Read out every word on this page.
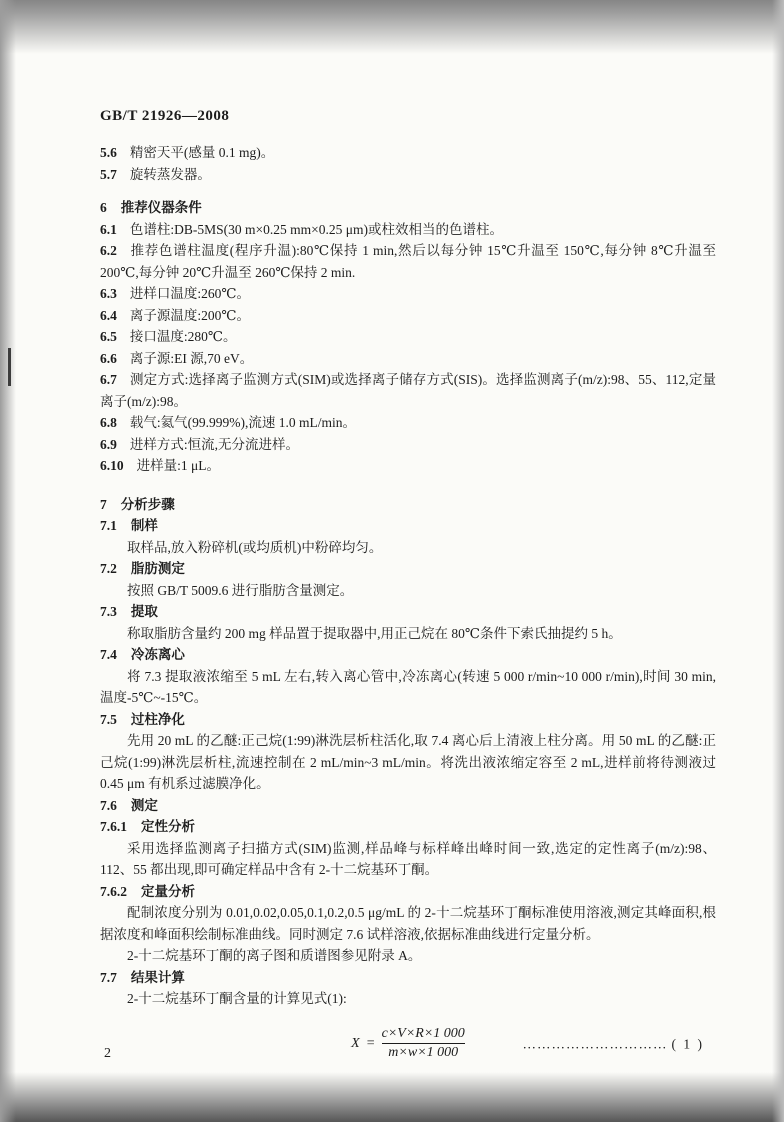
GB/T 21926—2008
5.6 精密天平(感量 0.1 mg)。
5.7 旋转蒸发器。
6 推荐仪器条件
6.1 色谱柱:DB-5MS(30 m×0.25 mm×0.25 μm)或柱效相当的色谱柱。
6.2 推荐色谱柱温度(程序升温):80℃保持 1 min,然后以每分钟 15℃升温至 150℃,每分钟 8℃升温至 200℃,每分钟 20℃升温至 260℃保持 2 min.
6.3 进样口温度:260℃。
6.4 离子源温度:200℃。
6.5 接口温度:280℃。
6.6 离子源:EI 源,70 eV。
6.7 测定方式:选择离子监测方式(SIM)或选择离子储存方式(SIS)。选择监测离子(m/z):98、55、112,定量离子(m/z):98。
6.8 载气:氦气(99.999%),流速 1.0 mL/min。
6.9 进样方式:恒流,无分流进样。
6.10 进样量:1 μL。
7 分析步骤
7.1 制样

取样品,放入粉碎机(或均质机)中粉碎均匀。

7.2 脂肪测定

按照 GB/T 5009.6 进行脂肪含量测定。

7.3 提取

称取脂肪含量约 200 mg 样品置于提取器中,用正己烷在 80℃条件下索氏抽提约 5 h。

7.4 冷冻离心

将 7.3 提取液浓缩至 5 mL 左右,转入离心管中,冷冻离心(转速 5 000 r/min~10 000 r/min),时间 30 min,温度-5℃~-15℃。

7.5 过柱净化

先用 20 mL 的乙醚:正己烷(1:99)淋洗层析柱活化,取 7.4 离心后上清液上柱分离。用 50 mL 的乙醚:正己烷(1:99)淋洗层析柱,流速控制在 2 mL/min~3 mL/min。将洗出液浓缩定容至 2 mL,进样前将待测液过 0.45 μm 有机系过滤膜净化。

7.6 测定
7.6.1 定性分析

采用选择监测离子扫描方式(SIM)监测,样品峰与标样峰出峰时间一致,选定的定性离子(m/z):98、112、55 都出现,即可确定样品中含有 2-十二烷基环丁酮。

7.6.2 定量分析

配制浓度分别为 0.01,0.02,0.05,0.1,0.2,0.5 μg/mL 的 2-十二烷基环丁酮标准使用溶液,测定其峰面积,根据浓度和峰面积绘制标准曲线。同时测定 7.6 试样溶液,依据标准曲线进行定量分析。

2-十二烷基环丁酮的离子图和质谱图参见附录 A。

7.7 结果计算

2-十二烷基环丁酮含量的计算见式(1):

$X = \frac{c\times V\times R\times 1 000}{m\times w\times 1 000}$	………………………… ( 1 )
2
